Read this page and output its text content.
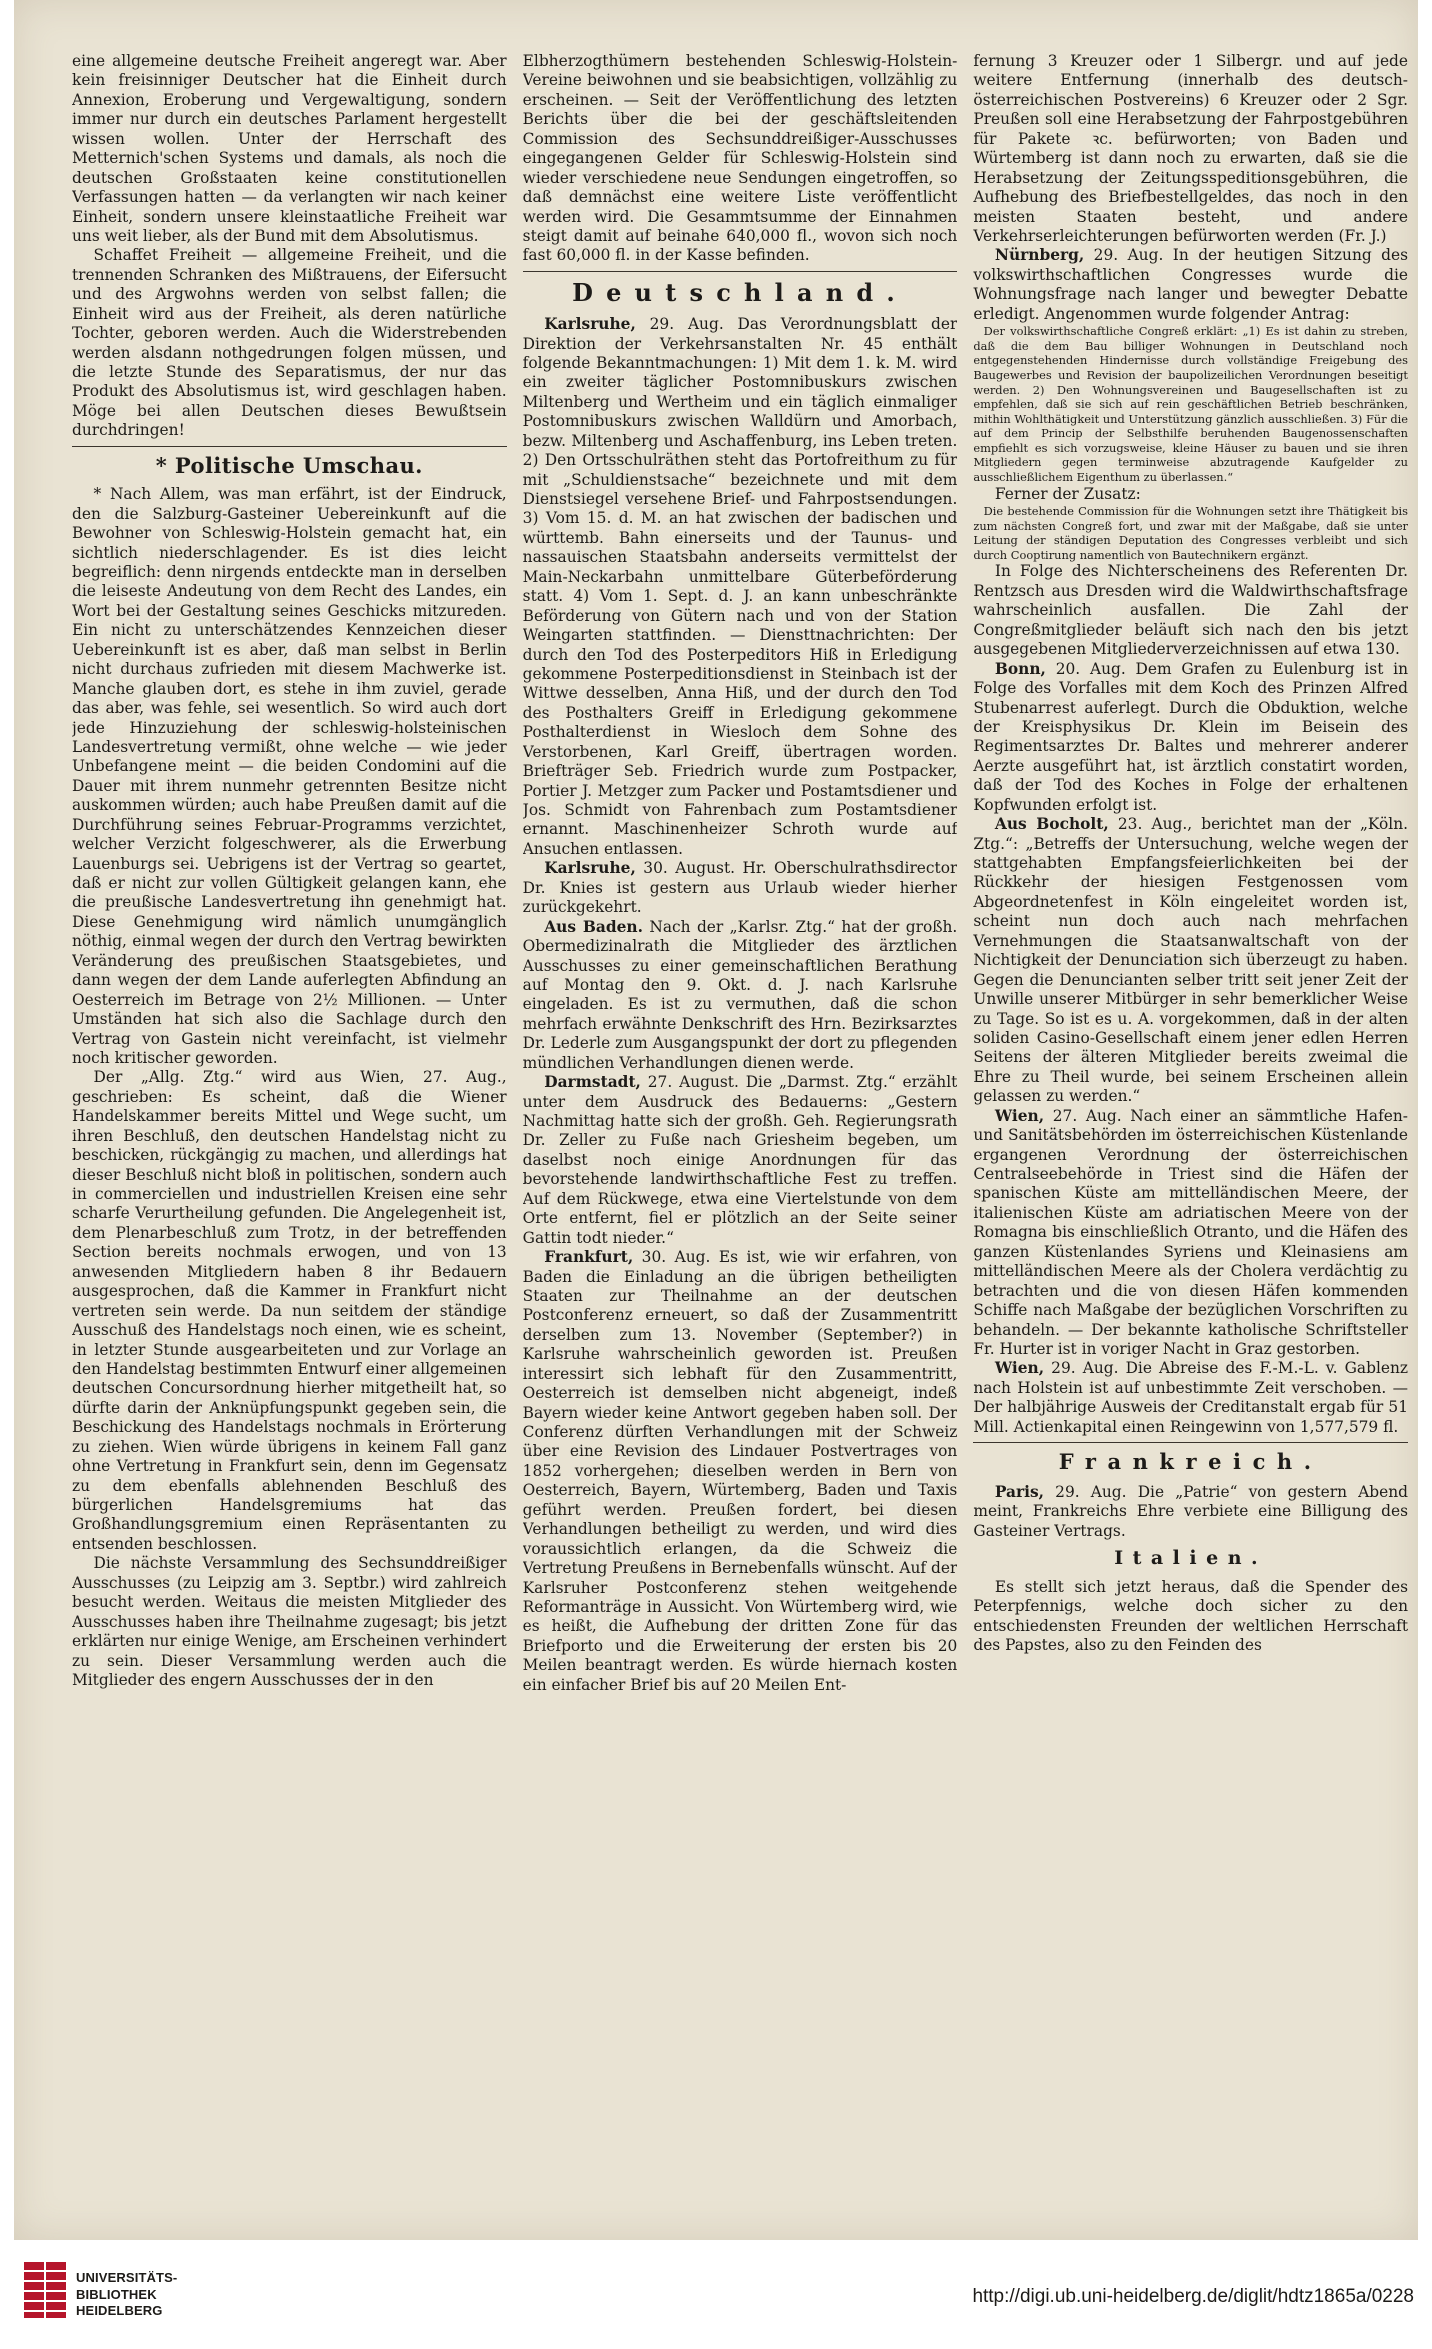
eine allgemeine deutsche Freiheit angeregt war. Aber kein freisinniger Deutscher hat die Einheit durch Annexion, Eroberung und Vergewaltigung, sondern immer nur durch ein deutsches Parlament hergestellt wissen wollen. Unter der Herrschaft des Metternich'schen Systems und damals, als noch die deutschen Großstaaten keine constitutionellen Verfassungen hatten — da verlangten wir nach keiner Einheit, sondern unsere kleinstaatliche Freiheit war uns weit lieber, als der Bund mit dem Absolutismus.

Schaffet Freiheit — allgemeine Freiheit, und die trennenden Schranken des Mißtrauens, der Eifersucht und des Argwohns werden von selbst fallen; die Einheit wird aus der Freiheit, als deren natürliche Tochter, geboren werden. Auch die Widerstrebenden werden alsdann nothgedrungen folgen müssen, und die letzte Stunde des Separatismus, der nur das Produkt des Absolutismus ist, wird geschlagen haben. Möge bei allen Deutschen dieses Bewußtsein durchdringen!

* Politische Umschau.

* Nach Allem, was man erfährt, ist der Eindruck, den die Salzburg-Gasteiner Uebereinkunft auf die Bewohner von Schleswig-Holstein gemacht hat, ein sichtlich niederschlagender. Es ist dies leicht begreiflich: denn nirgends entdeckte man in derselben die leiseste Andeutung von dem Recht des Landes, ein Wort bei der Gestaltung seines Geschicks mitzureden. Ein nicht zu unterschätzendes Kennzeichen dieser Uebereinkunft ist es aber, daß man selbst in Berlin nicht durchaus zufrieden mit diesem Machwerke ist. Manche glauben dort, es stehe in ihm zuviel, gerade das aber, was fehle, sei wesentlich. So wird auch dort jede Hinzuziehung der schleswig-holsteinischen Landesvertretung vermißt, ohne welche — wie jeder Unbefangene meint — die beiden Condomini auf die Dauer mit ihrem nunmehr getrennten Besitze nicht auskommen würden; auch habe Preußen damit auf die Durchführung seines Februar-Programms verzichtet, welcher Verzicht folgeschwerer, als die Erwerbung Lauenburgs sei. Uebrigens ist der Vertrag so geartet, daß er nicht zur vollen Gültigkeit gelangen kann, ehe die preußische Landesvertretung ihn genehmigt hat. Diese Genehmigung wird nämlich unumgänglich nöthig, einmal wegen der durch den Vertrag bewirkten Veränderung des preußischen Staatsgebietes, und dann wegen der dem Lande auferlegten Abfindung an Oesterreich im Betrage von 2½ Millionen. — Unter Umständen hat sich also die Sachlage durch den Vertrag von Gastein nicht vereinfacht, ist vielmehr noch kritischer geworden.

Der „Allg. Ztg.“ wird aus Wien, 27. Aug., geschrieben: Es scheint, daß die Wiener Handelskammer bereits Mittel und Wege sucht, um ihren Beschluß, den deutschen Handelstag nicht zu beschicken, rückgängig zu machen, und allerdings hat dieser Beschluß nicht bloß in politischen, sondern auch in commerciellen und industriellen Kreisen eine sehr scharfe Verurtheilung gefunden. Die Angelegenheit ist, dem Plenarbeschluß zum Trotz, in der betreffenden Section bereits nochmals erwogen, und von 13 anwesenden Mitgliedern haben 8 ihr Bedauern ausgesprochen, daß die Kammer in Frankfurt nicht vertreten sein werde. Da nun seitdem der ständige Ausschuß des Handelstags noch einen, wie es scheint, in letzter Stunde ausgearbeiteten und zur Vorlage an den Handelstag bestimmten Entwurf einer allgemeinen deutschen Concursordnung hierher mitgetheilt hat, so dürfte darin der Anknüpfungspunkt gegeben sein, die Beschickung des Handelstags nochmals in Erörterung zu ziehen. Wien würde übrigens in keinem Fall ganz ohne Vertretung in Frankfurt sein, denn im Gegensatz zu dem ebenfalls ablehnenden Beschluß des bürgerlichen Handelsgremiums hat das Großhandlungsgremium einen Repräsentanten zu entsenden beschlossen.

Die nächste Versammlung des Sechsunddreißiger Ausschusses (zu Leipzig am 3. Septbr.) wird zahlreich besucht werden. Weitaus die meisten Mitglieder des Ausschusses haben ihre Theilnahme zugesagt; bis jetzt erklärten nur einige Wenige, am Erscheinen verhindert zu sein. Dieser Versammlung werden auch die Mitglieder des engern Ausschusses der in den

Elbherzogthümern bestehenden Schleswig-Holstein-Vereine beiwohnen und sie beabsichtigen, vollzählig zu erscheinen. — Seit der Veröffentlichung des letzten Berichts über die bei der geschäftsleitenden Commission des Sechsunddreißiger-Ausschusses eingegangenen Gelder für Schleswig-Holstein sind wieder verschiedene neue Sendungen eingetroffen, so daß demnächst eine weitere Liste veröffentlicht werden wird. Die Gesammtsumme der Einnahmen steigt damit auf beinahe 640,000 fl., wovon sich noch fast 60,000 fl. in der Kasse befinden.

Deutschland.

Karlsruhe, 29. Aug. Das Verordnungsblatt der Direktion der Verkehrsanstalten Nr. 45 enthält folgende Bekanntmachungen: 1) Mit dem 1. k. M. wird ein zweiter täglicher Postomnibuskurs zwischen Miltenberg und Wertheim und ein täglich einmaliger Postomnibuskurs zwischen Walldürn und Amorbach, bezw. Miltenberg und Aschaffenburg, ins Leben treten. 2) Den Ortsschulräthen steht das Portofreithum zu für mit „Schuldienstsache“ bezeichnete und mit dem Dienstsiegel versehene Brief- und Fahrpostsendungen. 3) Vom 15. d. M. an hat zwischen der badischen und württemb. Bahn einerseits und der Taunus- und nassauischen Staatsbahn anderseits vermittelst der Main-Neckarbahn unmittelbare Güterbeförderung statt. 4) Vom 1. Sept. d. J. an kann unbeschränkte Beförderung von Gütern nach und von der Station Weingarten stattfinden. — Diensttnachrichten: Der durch den Tod des Posterpeditors Hiß in Erledigung gekommene Posterpeditionsdienst in Steinbach ist der Wittwe desselben, Anna Hiß, und der durch den Tod des Posthalters Greiff in Erledigung gekommene Posthalterdienst in Wiesloch dem Sohne des Verstorbenen, Karl Greiff, übertragen worden. Briefträger Seb. Friedrich wurde zum Postpacker, Portier J. Metzger zum Packer und Postamtsdiener und Jos. Schmidt von Fahrenbach zum Postamtsdiener ernannt. Maschinenheizer Schroth wurde auf Ansuchen entlassen.

Karlsruhe, 30. August. Hr. Oberschulrathsdirector Dr. Knies ist gestern aus Urlaub wieder hierher zurückgekehrt.

Aus Baden. Nach der „Karlsr. Ztg.“ hat der großh. Obermedizinalrath die Mitglieder des ärztlichen Ausschusses zu einer gemeinschaftlichen Berathung auf Montag den 9. Okt. d. J. nach Karlsruhe eingeladen. Es ist zu vermuthen, daß die schon mehrfach erwähnte Denkschrift des Hrn. Bezirksarztes Dr. Lederle zum Ausgangspunkt der dort zu pflegenden mündlichen Verhandlungen dienen werde.

Darmstadt, 27. August. Die „Darmst. Ztg.“ erzählt unter dem Ausdruck des Bedauerns: „Gestern Nachmittag hatte sich der großh. Geh. Regierungsrath Dr. Zeller zu Fuße nach Griesheim begeben, um daselbst noch einige Anordnungen für das bevorstehende landwirthschaftliche Fest zu treffen. Auf dem Rückwege, etwa eine Viertelstunde von dem Orte entfernt, fiel er plötzlich an der Seite seiner Gattin todt nieder.“

Frankfurt, 30. Aug. Es ist, wie wir erfahren, von Baden die Einladung an die übrigen betheiligten Staaten zur Theilnahme an der deutschen Postconferenz erneuert, so daß der Zusammentritt derselben zum 13. November (September?) in Karlsruhe wahrscheinlich geworden ist. Preußen interessirt sich lebhaft für den Zusammentritt, Oesterreich ist demselben nicht abgeneigt, indeß Bayern wieder keine Antwort gegeben haben soll. Der Conferenz dürften Verhandlungen mit der Schweiz über eine Revision des Lindauer Postvertrages von 1852 vorhergehen; dieselben werden in Bern von Oesterreich, Bayern, Würtemberg, Baden und Taxis geführt werden. Preußen fordert, bei diesen Verhandlungen betheiligt zu werden, und wird dies voraussichtlich erlangen, da die Schweiz die Vertretung Preußens in Bernebenfalls wünscht. Auf der Karlsruher Postconferenz stehen weitgehende Reformanträge in Aussicht. Von Würtemberg wird, wie es heißt, die Aufhebung der dritten Zone für das Briefporto und die Erweiterung der ersten bis 20 Meilen beantragt werden. Es würde hiernach kosten ein einfacher Brief bis auf 20 Meilen Ent-

fernung 3 Kreuzer oder 1 Silbergr. und auf jede weitere Entfernung (innerhalb des deutsch-österreichischen Postvereins) 6 Kreuzer oder 2 Sgr. Preußen soll eine Herabsetzung der Fahrpostgebühren für Pakete ꝛc. befürworten; von Baden und Würtemberg ist dann noch zu erwarten, daß sie die Herabsetzung der Zeitungsspeditionsgebühren, die Aufhebung des Briefbestellgeldes, das noch in den meisten Staaten besteht, und andere Verkehrserleichterungen befürworten werden (Fr. J.)

Nürnberg, 29. Aug. In der heutigen Sitzung des volkswirthschaftlichen Congresses wurde die Wohnungsfrage nach langer und bewegter Debatte erledigt. Angenommen wurde folgender Antrag:

Der volkswirthschaftliche Congreß erklärt: „1) Es ist dahin zu streben, daß die dem Bau billiger Wohnungen in Deutschland noch entgegenstehenden Hindernisse durch vollständige Freigebung des Baugewerbes und Revision der baupolizeilichen Verordnungen beseitigt werden. 2) Den Wohnungsvereinen und Baugesellschaften ist zu empfehlen, daß sie sich auf rein geschäftlichen Betrieb beschränken, mithin Wohlthätigkeit und Unterstützung gänzlich ausschließen. 3) Für die auf dem Princip der Selbsthilfe beruhenden Baugenossenschaften empfiehlt es sich vorzugsweise, kleine Häuser zu bauen und sie ihren Mitgliedern gegen terminweise abzutragende Kaufgelder zu ausschließlichem Eigenthum zu überlassen.“

Ferner der Zusatz:

Die bestehende Commission für die Wohnungen setzt ihre Thätigkeit bis zum nächsten Congreß fort, und zwar mit der Maßgabe, daß sie unter Leitung der ständigen Deputation des Congresses verbleibt und sich durch Cooptirung namentlich von Bautechnikern ergänzt.

In Folge des Nichterscheinens des Referenten Dr. Rentzsch aus Dresden wird die Waldwirthschaftsfrage wahrscheinlich ausfallen. Die Zahl der Congreßmitglieder beläuft sich nach den bis jetzt ausgegebenen Mitgliederverzeichnissen auf etwa 130.

Bonn, 20. Aug. Dem Grafen zu Eulenburg ist in Folge des Vorfalles mit dem Koch des Prinzen Alfred Stubenarrest auferlegt. Durch die Obduktion, welche der Kreisphysikus Dr. Klein im Beisein des Regimentsarztes Dr. Baltes und mehrerer anderer Aerzte ausgeführt hat, ist ärztlich constatirt worden, daß der Tod des Koches in Folge der erhaltenen Kopfwunden erfolgt ist.

Aus Bocholt, 23. Aug., berichtet man der „Köln. Ztg.“: „Betreffs der Untersuchung, welche wegen der stattgehabten Empfangsfeierlichkeiten bei der Rückkehr der hiesigen Festgenossen vom Abgeordnetenfest in Köln eingeleitet worden ist, scheint nun doch auch nach mehrfachen Vernehmungen die Staatsanwaltschaft von der Nichtigkeit der Denunciation sich überzeugt zu haben. Gegen die Denuncianten selber tritt seit jener Zeit der Unwille unserer Mitbürger in sehr bemerklicher Weise zu Tage. So ist es u. A. vorgekommen, daß in der alten soliden Casino-Gesellschaft einem jener edlen Herren Seitens der älteren Mitglieder bereits zweimal die Ehre zu Theil wurde, bei seinem Erscheinen allein gelassen zu werden.“

Wien, 27. Aug. Nach einer an sämmtliche Hafen- und Sanitätsbehörden im österreichischen Küstenlande ergangenen Verordnung der österreichischen Centralseebehörde in Triest sind die Häfen der spanischen Küste am mittelländischen Meere, der italienischen Küste am adriatischen Meere von der Romagna bis einschließlich Otranto, und die Häfen des ganzen Küstenlandes Syriens und Kleinasiens am mittelländischen Meere als der Cholera verdächtig zu betrachten und die von diesen Häfen kommenden Schiffe nach Maßgabe der bezüglichen Vorschriften zu behandeln. — Der bekannte katholische Schriftsteller Fr. Hurter ist in voriger Nacht in Graz gestorben.

Wien, 29. Aug. Die Abreise des F.-M.-L. v. Gablenz nach Holstein ist auf unbestimmte Zeit verschoben. — Der halbjährige Ausweis der Creditanstalt ergab für 51 Mill. Actienkapital einen Reingewinn von 1,577,579 fl.

Frankreich.

Paris, 29. Aug. Die „Patrie“ von gestern Abend meint, Frankreichs Ehre verbiete eine Billigung des Gasteiner Vertrags.

Italien.

Es stellt sich jetzt heraus, daß die Spender des Peterpfennigs, welche doch sicher zu den entschiedensten Freunden der weltlichen Herrschaft des Papstes, also zu den Feinden des

UNIVERSITÄTS-
BIBLIOTHEK
HEIDELBERG
http://digi.ub.uni-heidelberg.de/diglit/hdtz1865a/0228
